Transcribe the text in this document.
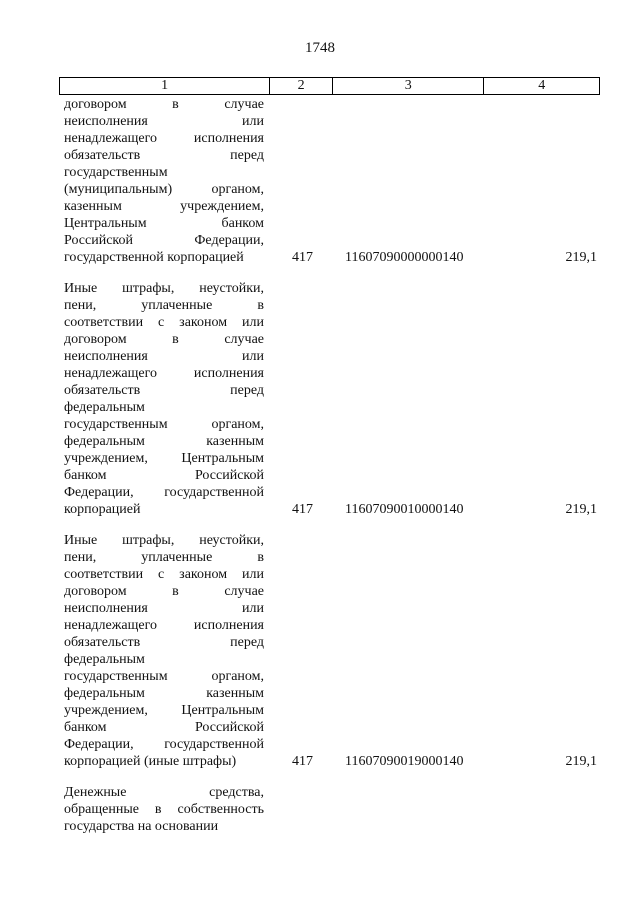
1748
1	2	3	4
договором в случае
неисполнения или
ненадлежащего исполнения
обязательств перед
государственным
(муниципальным) органом,
казенным учреждением,
Центральным банком
Российской Федерации,
государственной корпорацией	417 11607090000000140	219,1
Иные штрафы, неустойки,
пени, уплаченные в
соответствии с законом или
договором в случае
неисполнения или
ненадлежащего исполнения
обязательств перед
федеральным
государственным органом,
федеральным казенным
учреждением, Центральным
банком Российской
Федерации, государственной
корпорацией	417 11607090010000140	219,1
Иные штрафы, неустойки,
пени, уплаченные в
соответствии с законом или
договором в случае
неисполнения или
ненадлежащего исполнения
обязательств перед
федеральным
государственным органом,
федеральным казенным
учреждением, Центральным
банком Российской
Федерации, государственной
корпорацией (иные штрафы)	417 11607090019000140	219,1
Денежные средства,
обращенные в собственность
государства на основании
